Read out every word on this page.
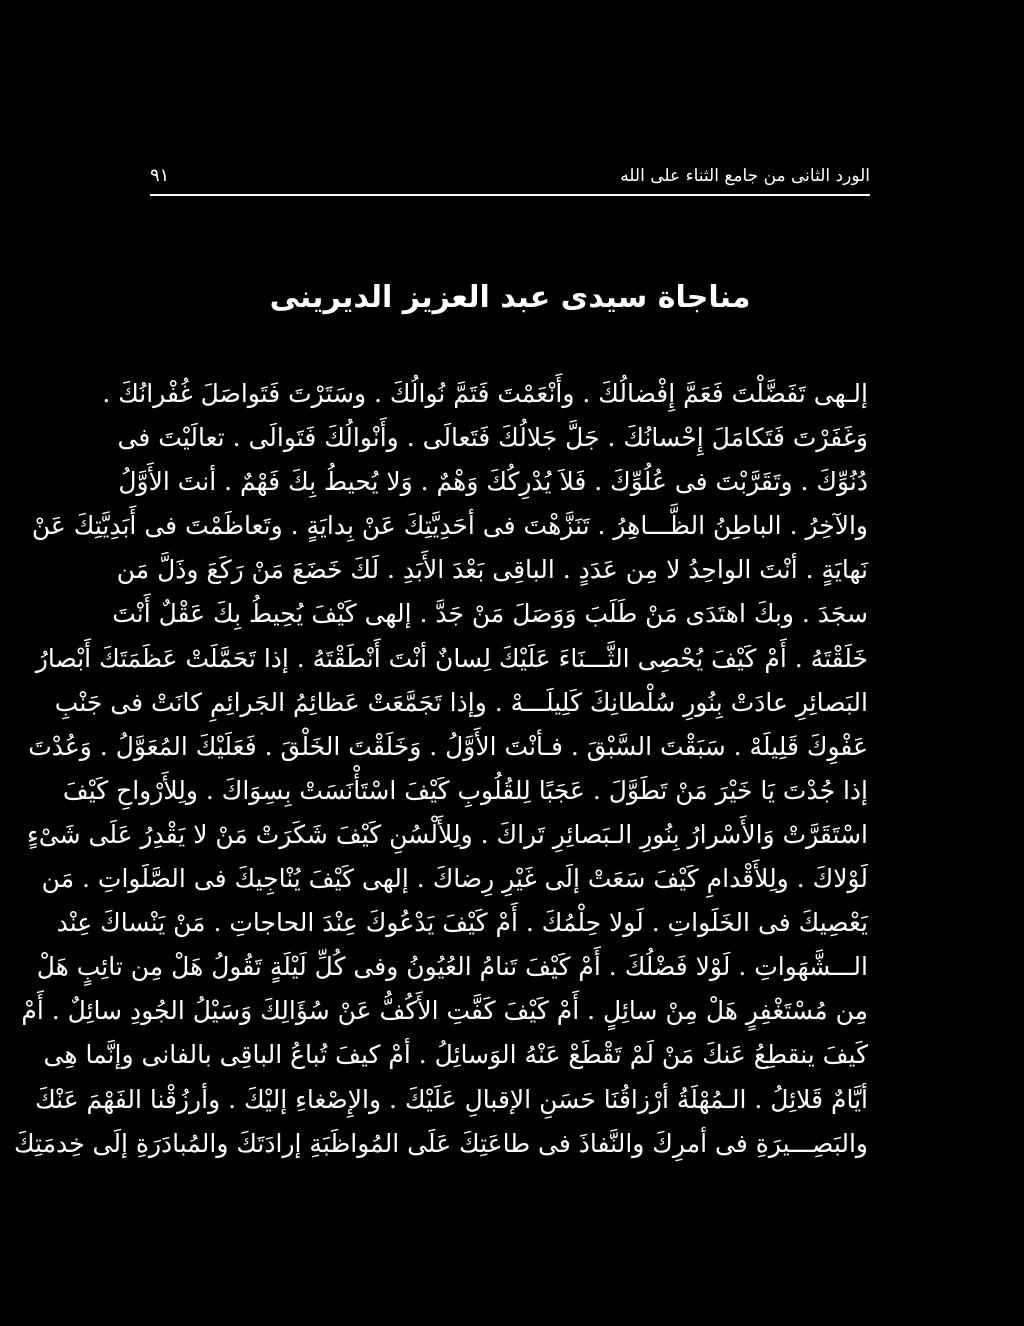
الورد الثانى من جامع الثناء على الله
٩١
مناجاة سيدى عبد العزيز الديرينى
إلـهى تَفَضَّلْتَ فَعَمَّ إِفْضالُكَ . وأَنْعَمْتَ فَتَمَّ نُوالُكَ . وسَتَرْتَ فَتَواصَلَ غُفْرانُكَ .
وَغَفَرْتَ فَتَكامَلَ إِحْسانُكَ . جَلَّ جَلالُكَ فَتَعالَى . وأَنْوالُكَ فَتَوالَى . تعالَيْتَ فى
دُنُوِّكَ . وتَقَرَّبْتَ فى عُلُوِّكَ . فَلاَ يُدْرِكُكَ وَهْمٌ . وَلا يُحيطُ بِكَ فَهْمٌ . أنتَ الأَوَّلُ
والآخِرُ . الباطِنُ الظَّـــاهِرُ . تَنَزَّهْتَ فى أحَدِيَّتِكَ عَنْ بِدايَةٍ . وتَعاظَمْتَ فى أَبَدِيَّتِكَ عَنْ
نَهايَةٍ . أنْتَ الواحِدُ لا مِن عَدَدٍ . الباقِى بَعْدَ الأَبَدِ . لَكَ خَضَعَ مَنْ رَكَعَ وذَلَّ مَن
سجَدَ . وبكَ اهتَدَى مَنْ طَلَبَ وَوَصَلَ مَنْ جَدَّ . إلهى كَيْفَ يُحِيطُ بِكَ عَقْلٌ أَنْتَ
خَلَقْتَهُ . أَمْ كَيْفَ يُحْصِى الثَّـــنَاءَ عَلَيْكَ لِسانٌ أنْتَ أَنْطَقْتَهُ . إذا تَحَمَّلَتْ عَظَمَتَكَ أَبْصارُ
البَصائِرِ عادَتْ بِنُورِ سُلْطانِكَ كَلِيلَـــهْ . وإذا تَجَمَّعَتْ عَظائِمُ الجَرائِمِ كانَتْ فى جَنْبِ
عَفْوِكَ قَلِيلَهْ . سَبَقْتَ السَّبْقَ . فـأنْتَ الأَوَّلُ . وَخَلَقْتَ الخَلْقَ . فَعَلَيْكَ المُعَوَّلُ . وَعُدْتَ
إذا جُدْتَ يَا خَيْرَ مَنْ تَطَوَّلَ . عَجَبًا لِلقُلُوبِ كَيْفَ اسْتَأْنَسَتْ بِسِوَاكَ . ولِلأَرْواحِ كَيْفَ
اسْتَقَرَّتْ وَالأَسْرارُ بِنُورِ الـبَصائِرِ تَراكَ . ولِلأَلْسُنِ كَيْفَ شَكَرَتْ مَنْ لا يَقْدِرُ عَلَى شَىْءٍ
لَوْلاكَ . ولِلأَقْدامِ كَيْفَ سَعَتْ إلَى غَيْرِ رِضاكَ . إلهى كَيْفَ يُنْاجِيكَ فى الصَّلَواتِ . مَن
يَعْصِيكَ فى الخَلَواتِ . لَولا حِلْمُكَ . أَمْ كَيْفَ يَدْعُوكَ عِنْدَ الحاجاتِ . مَنْ يَنْساكَ عِنْد
الـــشَّهَواتِ . لَوْلا فَضْلُكَ . أَمْ كَيْفَ تَنامُ العُيُونُ وفى كُلِّ لَيْلَةٍ تَقُولُ هَلْ مِن تائِبٍ هَلْ
مِن مُسْتَغْفِرٍ هَلْ مِنْ سائِلٍ . أَمْ كَيْفَ كَفَّتِ الأَكُفُّ عَنْ سُؤَالِكَ وَسَيْلُ الجُودِ سائِلٌ . أَمْ
كَيفَ ينقطِعُ عَنكَ مَنْ لَمْ تَقْطَعْ عَنْهُ الوَسائِلُ . أمْ كيفَ تُباعُ الباقِى بالفانى وإنَّما هِى
أيَّامٌ قَلائِلُ . الـمُهْلَةُ أرْزاقُنَا حَسَنِ الإقبالِ عَلَيْكَ . والإِصْغاءِ إليْكَ . وأرزُقْنا الفَهْمَ عَنْكَ
والبَصِـــيرَةِ فى أمرِكَ والنَّفاذَ فى طاعَتِكَ عَلَى المُواظَبَةِ إرادَتَكَ والمُبادَرَةِ إلَى خِدمَتِكَ
